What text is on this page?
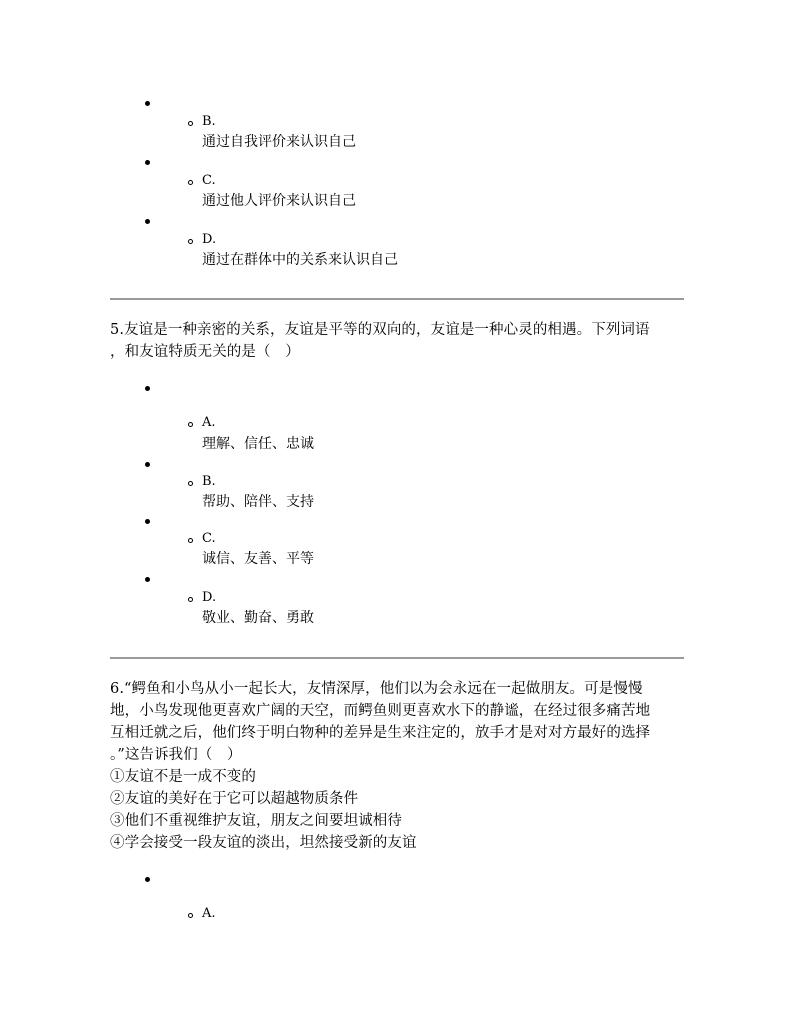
B.
通过自我评价来认识自己
C.
通过他人评价来认识自己
D.
通过在群体中的关系来认识自己
5.友谊是一种亲密的关系，友谊是平等的双向的，友谊是一种心灵的相遇。下列词语
，和友谊特质无关的是（　）
A.
理解、信任、忠诚
B.
帮助、陪伴、支持
C.
诚信、友善、平等
D.
敬业、勤奋、勇敢
6.“鳄鱼和小鸟从小一起长大，友情深厚，他们以为会永远在一起做朋友。可是慢慢
地，小鸟发现他更喜欢广阔的天空，而鳄鱼则更喜欢水下的静谧，在经过很多痛苦地
互相迁就之后，他们终于明白物种的差异是生来注定的，放手才是对对方最好的选择
。”这告诉我们（　）
①友谊不是一成不变的
②友谊的美好在于它可以超越物质条件
③他们不重视维护友谊，朋友之间要坦诚相待
④学会接受一段友谊的淡出，坦然接受新的友谊
A.
